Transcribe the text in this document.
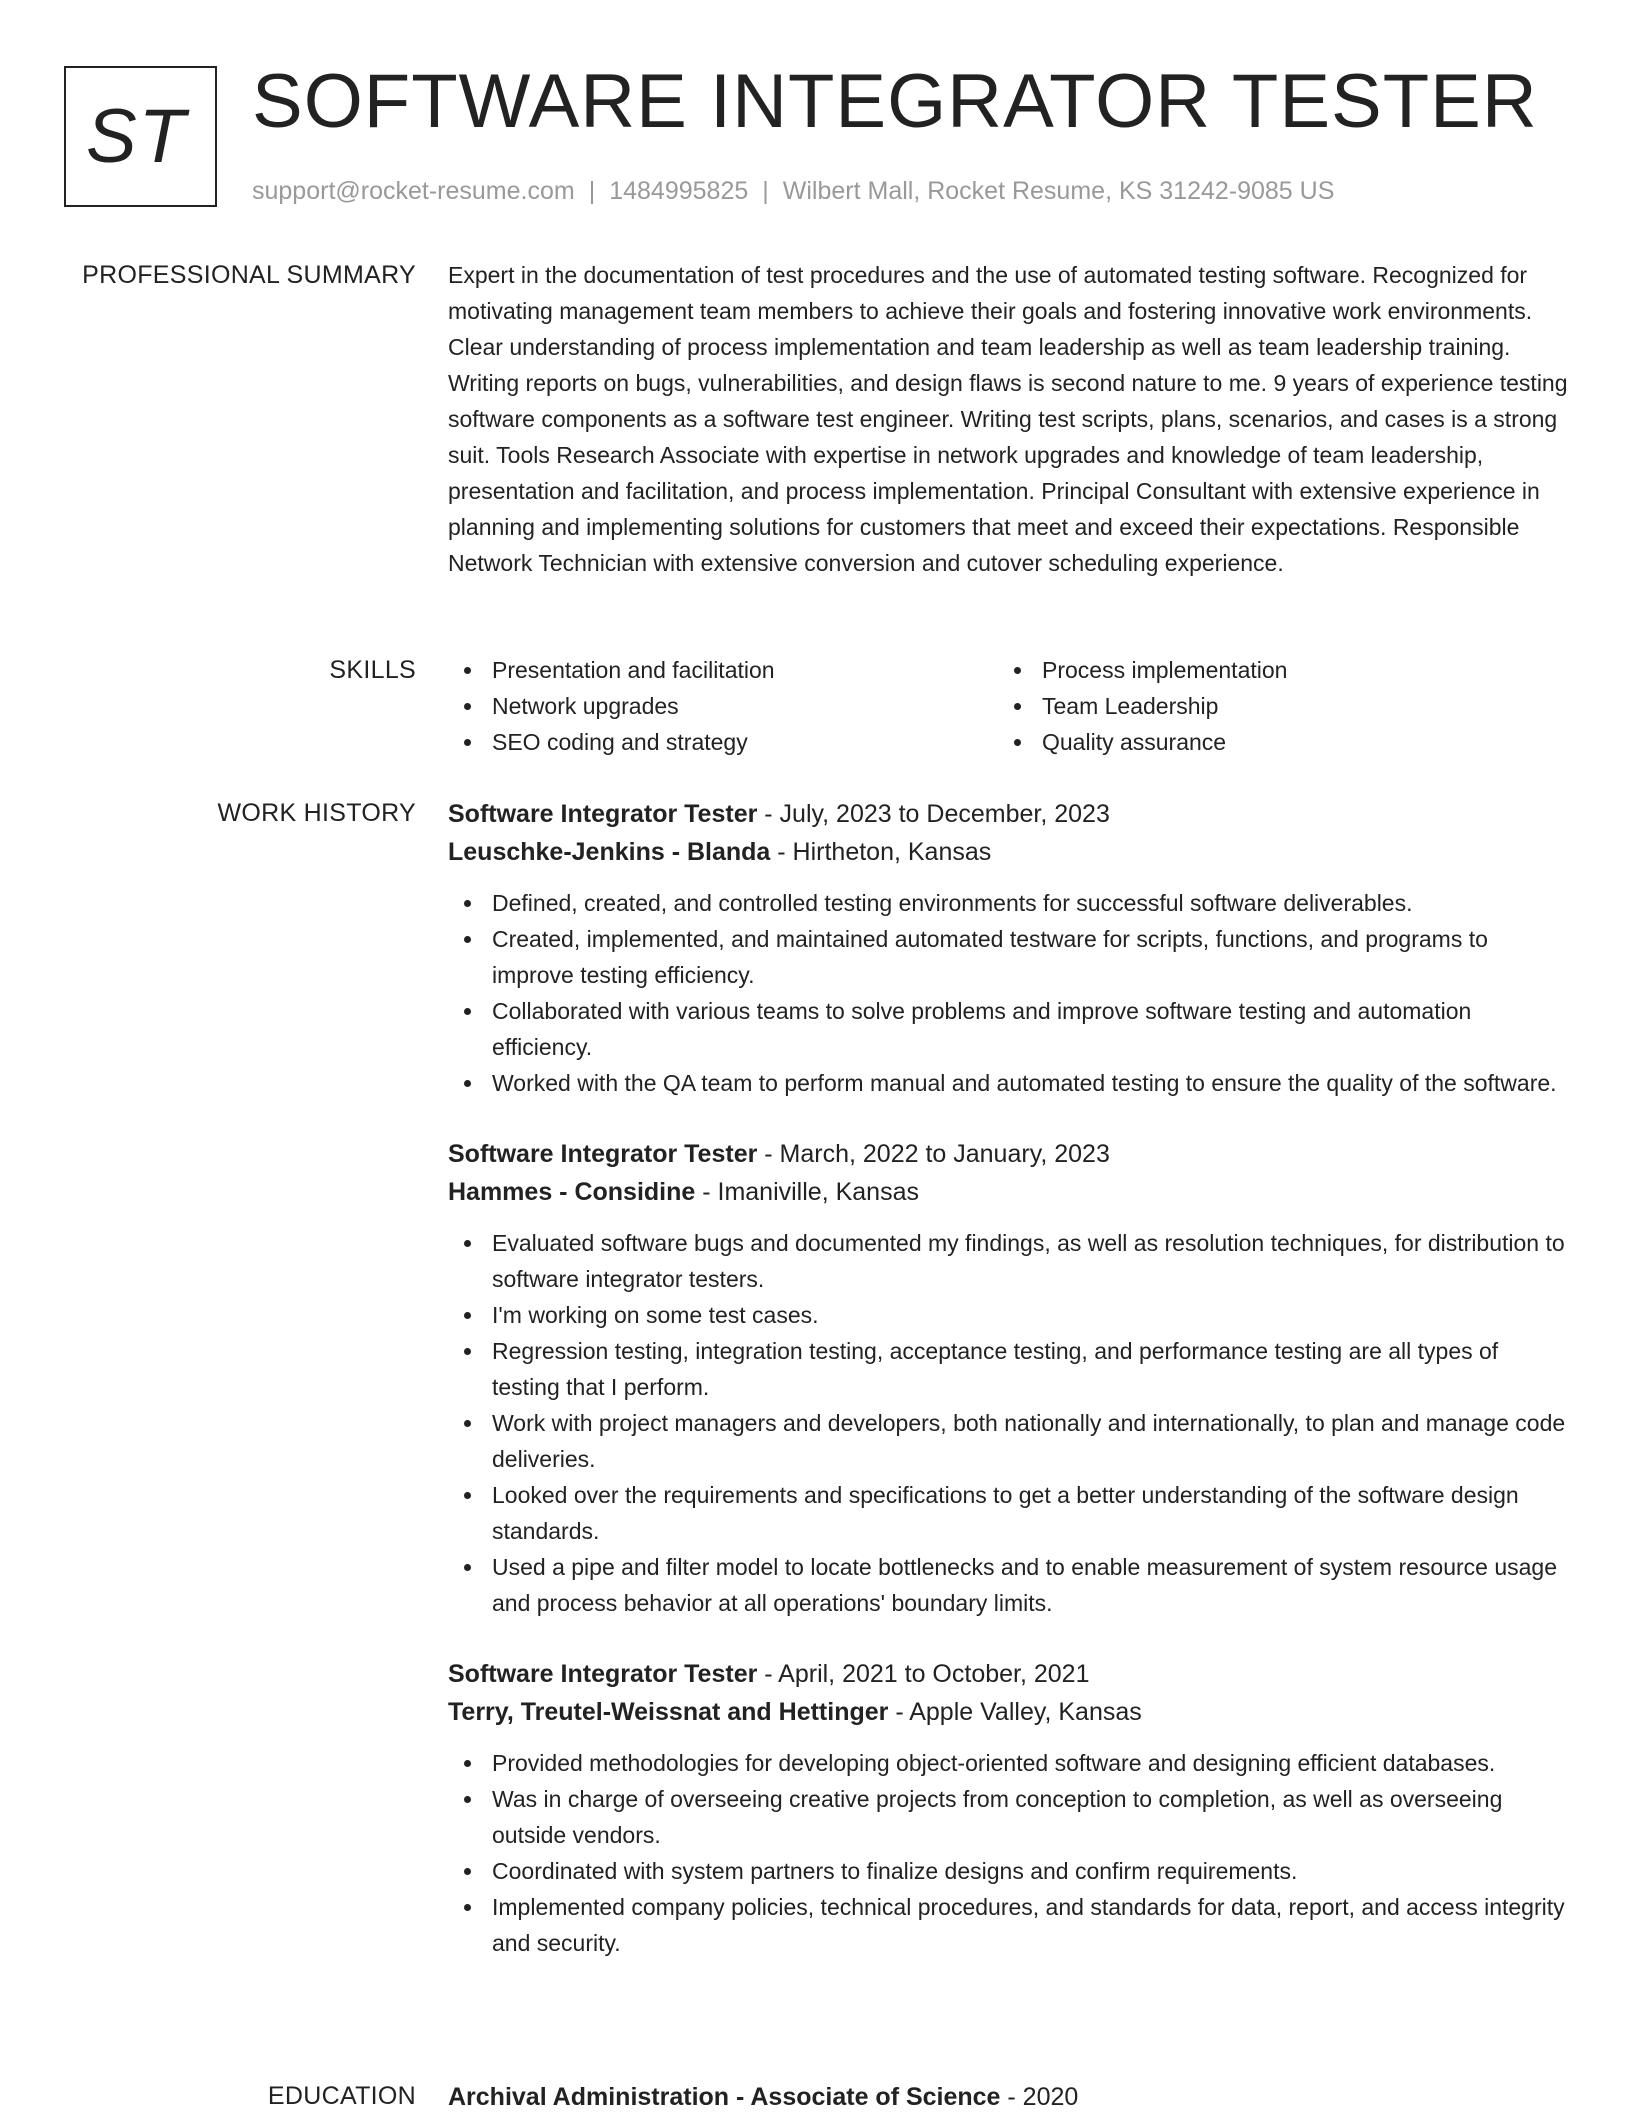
ST SOFTWARE INTEGRATOR TESTER
support@rocket-resume.com | 1484995825 | Wilbert Mall, Rocket Resume, KS 31242-9085 US
PROFESSIONAL SUMMARY Expert in the documentation of test procedures and the use of automated testing software. Recognized for motivating management team members to achieve their goals and fostering innovative work environments. Clear understanding of process implementation and team leadership as well as team leadership training. Writing reports on bugs, vulnerabilities, and design flaws is second nature to me. 9 years of experience testing software components as a software test engineer. Writing test scripts, plans, scenarios, and cases is a strong suit. Tools Research Associate with expertise in network upgrades and knowledge of team leadership, presentation and facilitation, and process implementation. Principal Consultant with extensive experience in planning and implementing solutions for customers that meet and exceed their expectations. Responsible Network Technician with extensive conversion and cutover scheduling experience.

SKILLS	Presentation and facilitation
Network upgrades
SEO coding and strategy
Process implementation
Team Leadership
Quality assurance
WORK HISTORY Software Integrator Tester - July, 2023 to December, 2023
Leuschke-Jenkins - Blanda - Hirtheton, Kansas
Defined, created, and controlled testing environments for successful software deliverables.
Created, implemented, and maintained automated testware for scripts, functions, and programs to improve testing efficiency.
Collaborated with various teams to solve problems and improve software testing and automation efficiency.
Worked with the QA team to perform manual and automated testing to ensure the quality of the software.
Software Integrator Tester - March, 2022 to January, 2023
Hammes - Considine - Imaniville, Kansas
Evaluated software bugs and documented my findings, as well as resolution techniques, for distribution to software integrator testers.
I'm working on some test cases.
Regression testing, integration testing, acceptance testing, and performance testing are all types of testing that I perform.
Work with project managers and developers, both nationally and internationally, to plan and manage code deliveries.
Looked over the requirements and specifications to get a better understanding of the software design standards.
Used a pipe and filter model to locate bottlenecks and to enable measurement of system resource usage and process behavior at all operations' boundary limits.
Software Integrator Tester - April, 2021 to October, 2021
Terry, Treutel-Weissnat and Hettinger - Apple Valley, Kansas
Provided methodologies for developing object-oriented software and designing efficient databases.
Was in charge of overseeing creative projects from conception to completion, as well as overseeing outside vendors.
Coordinated with system partners to finalize designs and confirm requirements.
Implemented company policies, technical procedures, and standards for data, report, and access integrity and security.
EDUCATION Archival Administration - Associate of Science - 2020
